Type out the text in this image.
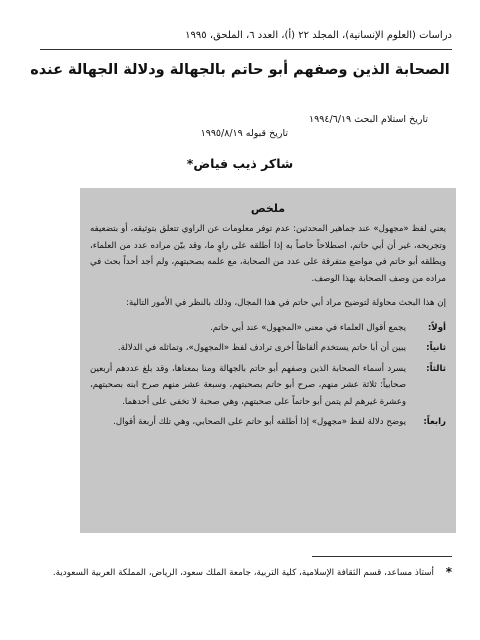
دراسات (العلوم الإنسانية)، المجلد ٢٢ (أ)، العدد ٦، الملحق، ١٩٩٥
الصحابة الذين وصفهم أبو حاتم بالجهالة ودلالة الجهالة عنده
تاريخ استلام البحث ١٩٩٤/٦/١٩
تاريخ قبوله ١٩٩٥/٨/١٩
شاكر ذيب فياض*
ملخص

يعني لفظ «مجهول» عند جماهير المحدثين: عدم توفر معلومات عن الراوي تتعلق بتوثيقه، أو بتضعيفه وتجريحه، غير أن أبي حاتم، اصطلاحاً خاصاً به إذا أطلقه على راوٍ ما، وقد بيّن مراده عدد من العلماء، ويطلقه أبو حاتم في مواضع متفرقة على عدد من الصحابة، مع علمه بصحبتهم، ولم أجد أحداً بحث في مراده من وصف الصحابة بهذا الوصف.

إن هذا البحث محاولة لتوضيح مراد أبي حاتم في هذا المجال، وذلك بالنظر في الأمور التالية:

أولاً:
يجمع أقوال العلماء في معنى «المجهول» عند أبي حاتم.
ثانياً:
يبين أن أبا حاتم يستخدم ألفاظاً أخرى ترادف لفظ «المجهول»، وتماثله في الدلالة.
ثالثاً:
يسرد أسماء الصحابة الذين وصفهم أبو حاتم بالجهالة ومنا بمعناها، وقد بلغ عددهم أربعين صحابياً: ثلاثة عشر منهم، صرح أبو حاتم بصحبتهم، وسبعة عشر منهم صرح ابنه بصحبتهم، وعشرة غيرهم لم يتمن أبو حاتماً على صحبتهم، وهي صحبة لا تخفى على أحدهما.
رابعاً:
يوضح دلالة لفظ «مجهول» إذا أطلقه أبو حاتم على الصحابي، وهي تلك أربعة أقوال.
*
أستاذ مساعد، قسم الثقافة الإسلامية، كلية التربية، جامعة الملك سعود، الرياض، المملكة العربية السعودية.
